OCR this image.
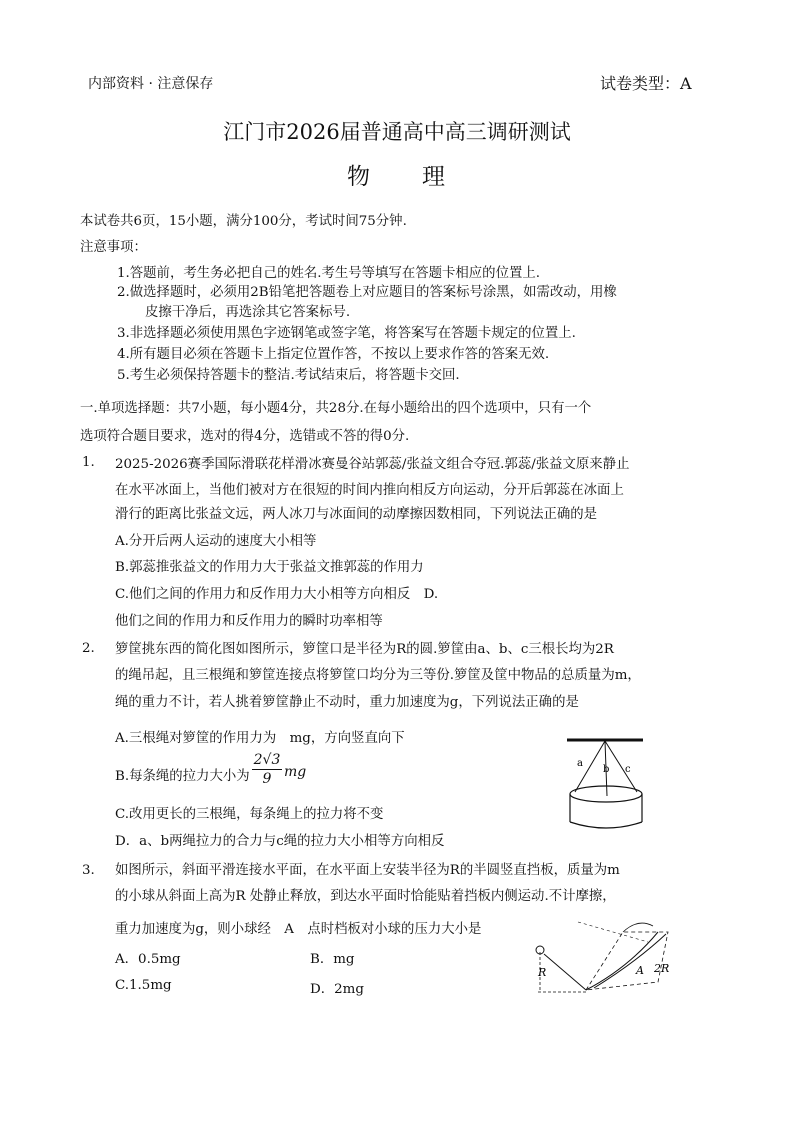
内部资料 · 注意保存	试卷类型：A
江门市2026届普通高中高三调研测试
物　　理
本试卷共6页，15小题，满分100分，考试时间75分钟.
注意事项：
1.答题前，考生务必把自己的姓名.考生号等填写在答题卡相应的位置上.
2.做选择题时，必须用2B铅笔把答题卷上对应题目的答案标号涂黑，如需改动，用橡
皮擦干净后，再选涂其它答案标号.
3.非选择题必须使用黑色字迹钢笔或签字笔，将答案写在答题卡规定的位置上.
4.所有题目必须在答题卡上指定位置作答，不按以上要求作答的答案无效.
5.考生必须保持答题卡的整洁.考试结束后，将答题卡交回.
一.单项选择题：共7小题，每小题4分，共28分.在每小题给出的四个选项中，只有一个
选项符合题目要求，选对的得4分，选错或不答的得0分.
1. 2025-2026赛季国际滑联花样滑冰赛曼谷站郭蕊/张益文组合夺冠.郭蕊/张益文原来静止
在水平冰面上，当他们被对方在很短的时间内推向相反方向运动，分开后郭蕊在冰面上
滑行的距离比张益文远，两人冰刀与冰面间的动摩擦因数相同，下列说法正确的是
A.分开后两人运动的速度大小相等
B.郭蕊推张益文的作用力大于张益文推郭蕊的作用力
C.他们之间的作用力和反作用力大小相等方向相反　D.
他们之间的作用力和反作用力的瞬时功率相等
2. 箩筐挑东西的简化图如图所示，箩筐口是半径为R的圆.箩筐由a、b、c三根长均为2R
的绳吊起，且三根绳和箩筐连接点将箩筐口均分为三等份.箩筐及筐中物品的总质量为m，
绳的重力不计，若人挑着箩筐静止不动时，重力加速度为g，下列说法正确的是
A.三根绳对箩筐的作用力为　mg，方向竖直向下
B.每条绳的拉力大小为 $\frac{2√3}{9}$ mg
C.改用更长的三根绳，每条绳上的拉力将不变
D．a、b两绳拉力的合力与c绳的拉力大小相等方向相反
a
b c
3. 如图所示，斜面平滑连接水平面，在水平面上安装半径为R的半圆竖直挡板，质量为m
的小球从斜面上高为R 处静止释放，到达水平面时恰能贴着挡板内侧运动.不计摩擦，
重力加速度为g，则小球经　A　点时档板对小球的压力大小是
A．0.5mg	B．mg
C.1.5mg	D．2mg
R	A 2R
